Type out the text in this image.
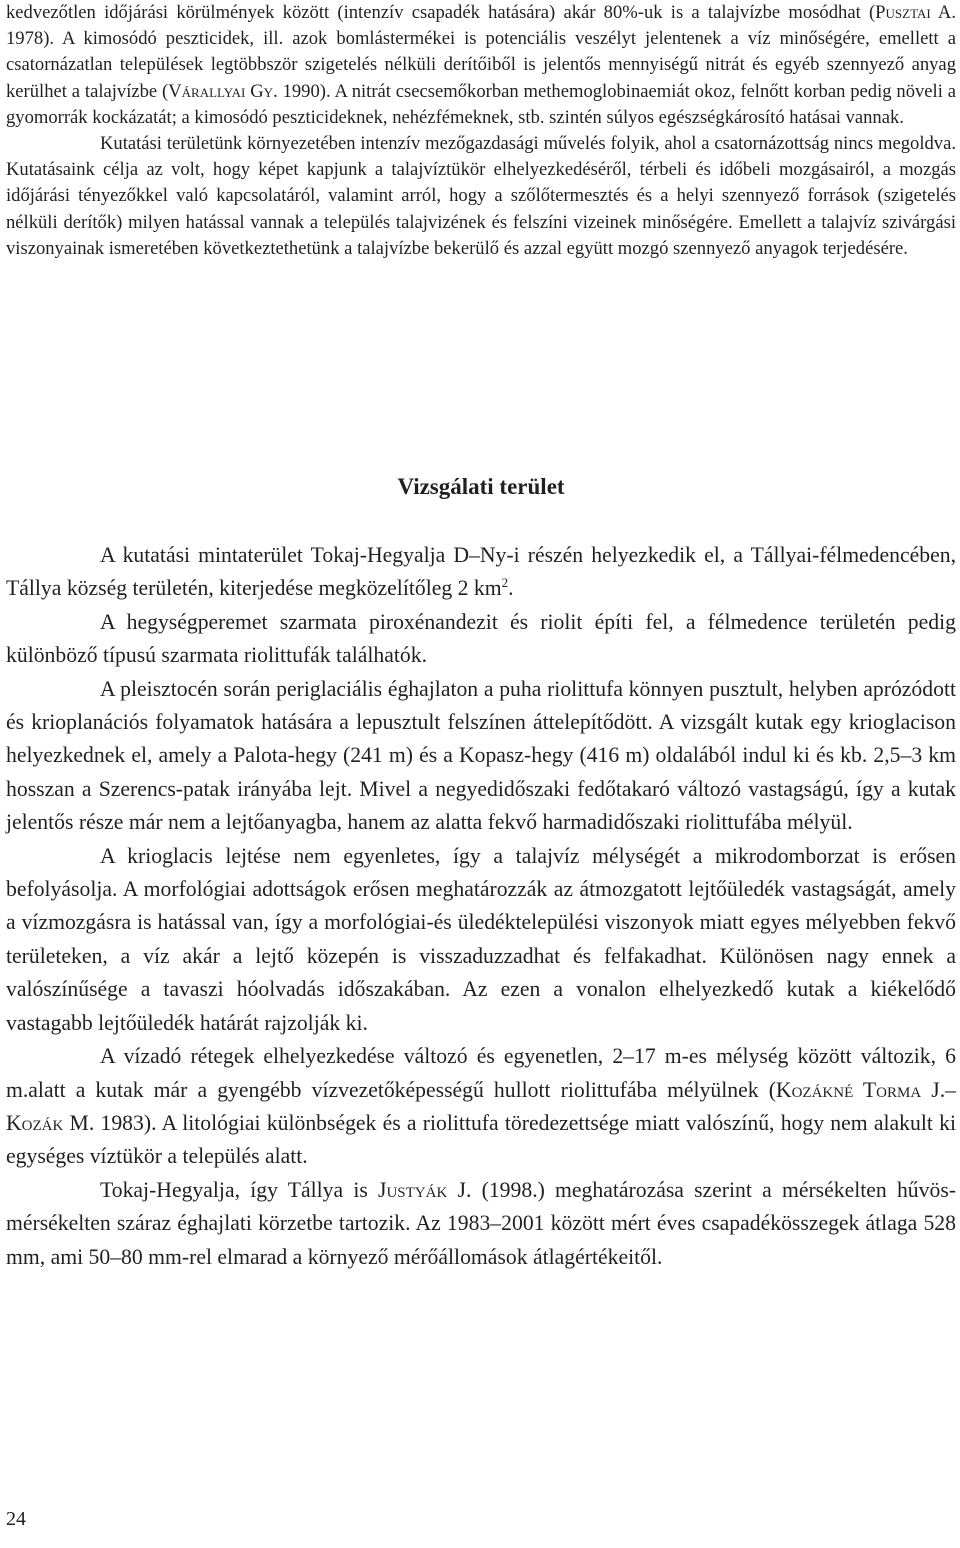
kedvezőtlen időjárási körülmények között (intenzív csapadék hatására) akár 80%-uk is a talajvízbe mosódhat (Pusztai A. 1978). A kimosódó peszticidek, ill. azok bomlástermékei is potenciális veszélyt jelentenek a víz minőségére, emellett a csatornázatlan települések legtöbbször szigetelés nélküli derítőiből is jelentős mennyiségű nitrát és egyéb szennyező anyag kerülhet a talajvízbe (Várallyai Gy. 1990). A nitrát csecsemőkorban methemoglobinaemiát okoz, felnőtt korban pedig növeli a gyomorrák kockázatát; a kimosódó peszticideknek, nehézfémeknek, stb. szintén súlyos egészségkárosító hatásai vannak.

Kutatási területünk környezetében intenzív mezőgazdasági művelés folyik, ahol a csatornázottság nincs megoldva. Kutatásaink célja az volt, hogy képet kapjunk a talajvíztükör elhelyezkedéséről, térbeli és időbeli mozgásairól, a mozgás időjárási tényezőkkel való kapcsolatáról, valamint arról, hogy a szőlőtermesztés és a helyi szennyező források (szigetelés nélküli derítők) milyen hatással vannak a település talajvizének és felszíni vizeinek minőségére. Emellett a talajvíz szivárgási viszonyainak ismeretében következtethetünk a talajvízbe bekerülő és azzal együtt mozgó szennyező anyagok terjedésére.

Vizsgálati terület

A kutatási mintaterület Tokaj-Hegyalja D–Ny-i részén helyezkedik el, a Tállyai-félmedencében, Tállya község területén, kiterjedése megközelítőleg 2 $km^2$.

A hegységperemet szarmata piroxénandezit és riolit építi fel, a félmedence területén pedig különböző típusú szarmata riolittufák találhatók.

A pleisztocén során periglaciális éghajlaton a puha riolittufa könnyen pusztult, helyben aprózódott és krioplanációs folyamatok hatására a lepusztult felszínen áttelepítődött. A vizsgált kutak egy krioglacison helyezkednek el, amely a Palota-hegy (241 m) és a Kopasz-hegy (416 m) oldalából indul ki és kb. 2,5–3 km hosszan a Szerencs-patak irányába lejt. Mivel a negyedidőszaki fedőtakaró változó vastagságú, így a kutak jelentős része már nem a lejtőanyagba, hanem az alatta fekvő harmadidőszaki riolittufába mélyül.

A krioglacis lejtése nem egyenletes, így a talajvíz mélységét a mikrodomborzat is erősen befolyásolja. A morfológiai adottságok erősen meghatározzák az átmozgatott lejtőüledék vastagságát, amely a vízmozgásra is hatással van, így a morfológiai-és üledéktelepülési viszonyok miatt egyes mélyebben fekvő területeken, a víz akár a lejtő közepén is visszaduzzadhat és felfakadhat. Különösen nagy ennek a valószínűsége a tavaszi hóolvadás időszakában. Az ezen a vonalon elhelyezkedő kutak a kiékelődő vastagabb lejtőüledék határát rajzolják ki.

A vízadó rétegek elhelyezkedése változó és egyenetlen, 2–17 m-es mélység között változik, 6 m.alatt a kutak már a gyengébb vízvezetőképességű hullott riolittufába mélyülnek (Kozákné Torma J.–Kozák M. 1983). A litológiai különbségek és a riolittufa töredezettsége miatt valószínű, hogy nem alakult ki egységes víztükör a település alatt.

Tokaj-Hegyalja, így Tállya is Justyák J. (1998.) meghatározása szerint a mérsékelten hűvös-mérsékelten száraz éghajlati körzetbe tartozik. Az 1983–2001 között mért éves csapadékösszegek átlaga 528 mm, ami 50–80 mm-rel elmarad a környező mérőállomások átlagértékeitől.

24
